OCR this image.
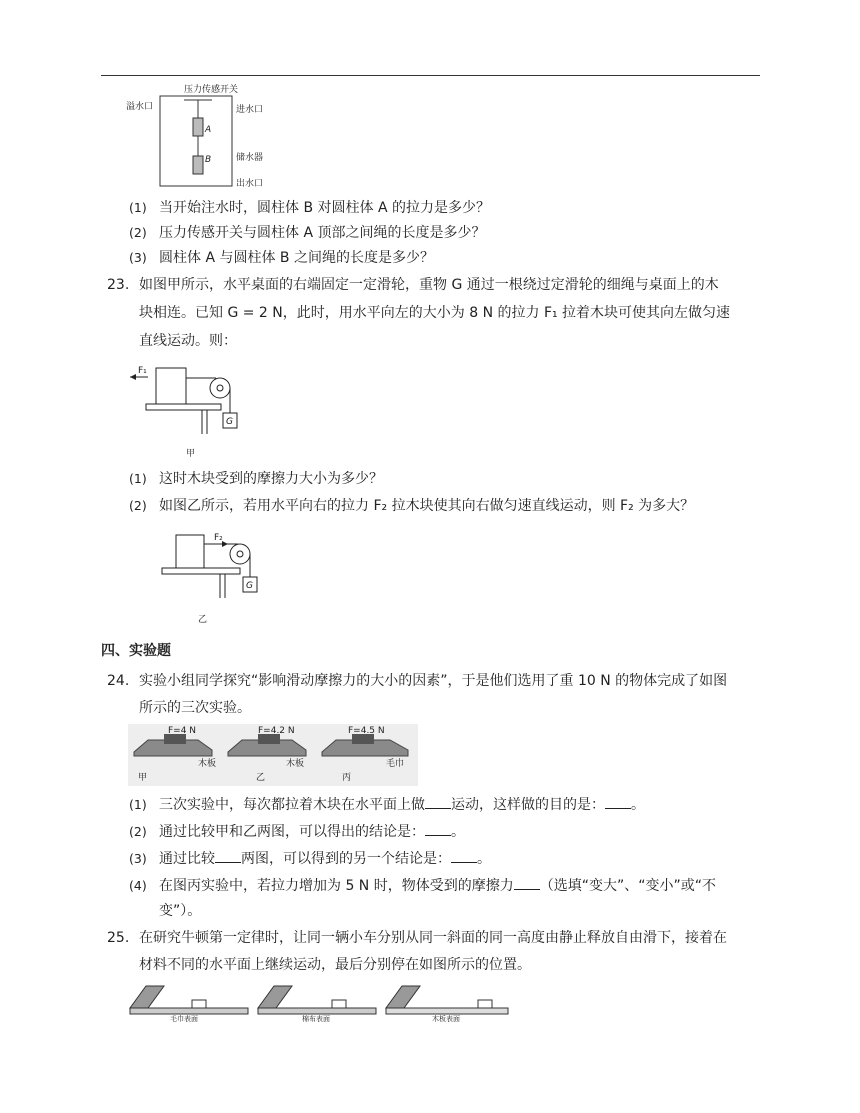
压力传感开关
溢水口	进水口
A
B	储水器
出水口
(1) 当开始注水时，圆柱体 B 对圆柱体 A 的拉力是多少？
(2) 压力传感开关与圆柱体 A 顶部之间绳的长度是多少？
(3) 圆柱体 A 与圆柱体 B 之间绳的长度是多少？
23. 如图甲所示，水平桌面的右端固定一定滑轮，重物 G 通过一根绕过定滑轮的细绳与桌面上的木
块相连。已知 G = 2 N，此时，用水平向左的大小为 8 N 的拉力 F₁ 拉着木块可使其向左做匀速
直线运动。则：
F₁
G
甲
(1) 这时木块受到的摩擦力大小为多少？
(2) 如图乙所示，若用水平向右的拉力 F₂ 拉木块使其向右做匀速直线运动，则 F₂ 为多大？
F₂
G
乙
四、实验题
24. 实验小组同学探究“影响滑动摩擦力的大小的因素”，于是他们选用了重 10 N 的物体完成了如图
所示的三次实验。
F=4 N
木板
甲
F=4.2 N
木板
乙
F=4.5 N
毛巾
丙
(1) 三次实验中，每次都拉着木块在水平面上做 运动，这样做的目的是： 。
(2) 通过比较甲和乙两图，可以得出的结论是： 。
(3) 通过比较 两图，可以得到的另一个结论是： 。
(4) 在图丙实验中，若拉力增加为 5 N 时，物体受到的摩擦力 （选填“变大”、“变小”或“不
变”）。
25. 在研究牛顿第一定律时，让同一辆小车分别从同一斜面的同一高度由静止释放自由滑下，接着在
材料不同的水平面上继续运动，最后分别停在如图所示的位置。
毛巾表面	棉布表面	木板表面
